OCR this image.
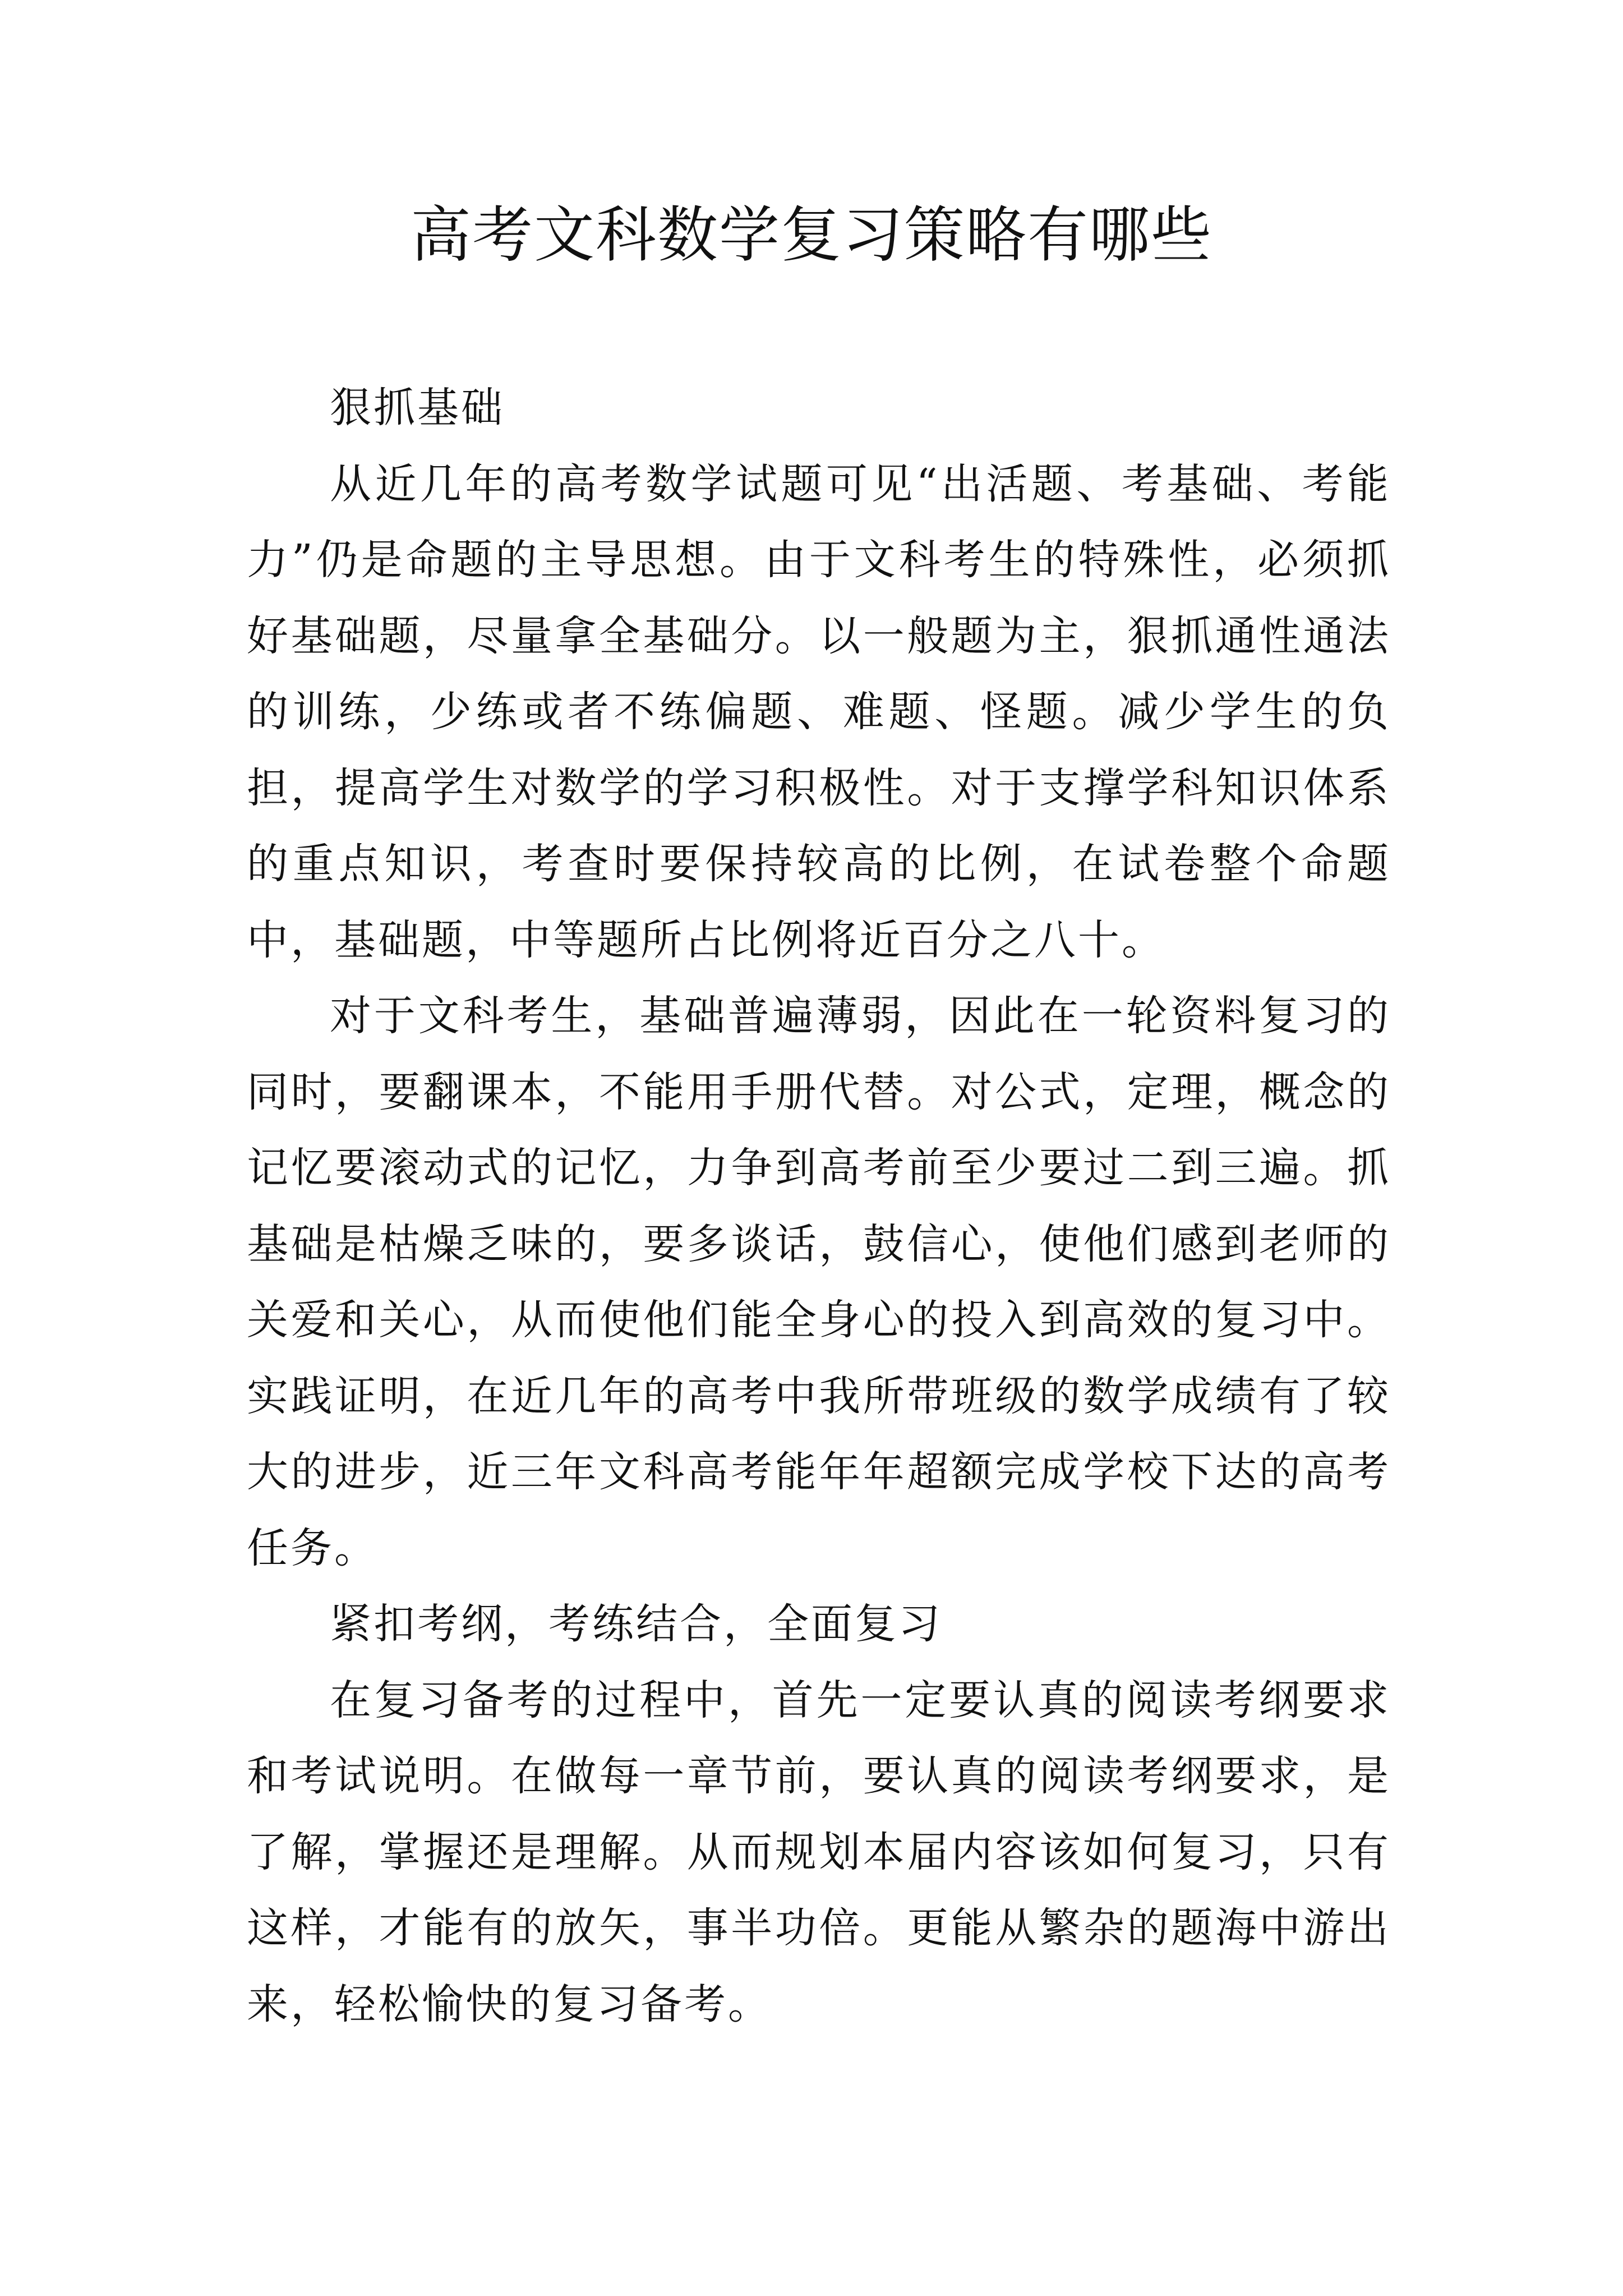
高考文科数学复习策略有哪些

狠抓基础

从近几年的高考数学试题可见“出活题、考基础、考能力”仍是命题的主导思想。由于文科考生的特殊性，必须抓好基础题，尽量拿全基础分。以一般题为主，狠抓通性通法的训练，少练或者不练偏题、难题、怪题。减少学生的负担，提高学生对数学的学习积极性。对于支撑学科知识体系的重点知识，考查时要保持较高的比例，在试卷整个命题中，基础题，中等题所占比例将近百分之八十。

对于文科考生，基础普遍薄弱，因此在一轮资料复习的同时，要翻课本，不能用手册代替。对公式，定理，概念的记忆要滚动式的记忆，力争到高考前至少要过二到三遍。抓基础是枯燥乏味的，要多谈话，鼓信心，使他们感到老师的关爱和关心，从而使他们能全身心的投入到高效的复习中。实践证明，在近几年的高考中我所带班级的数学成绩有了较大的进步，近三年文科高考能年年超额完成学校下达的高考任务。

紧扣考纲，考练结合，全面复习

在复习备考的过程中，首先一定要认真的阅读考纲要求和考试说明。在做每一章节前，要认真的阅读考纲要求，是了解，掌握还是理解。从而规划本届内容该如何复习，只有这样，才能有的放矢，事半功倍。更能从繁杂的题海中游出来，轻松愉快的复习备考。
